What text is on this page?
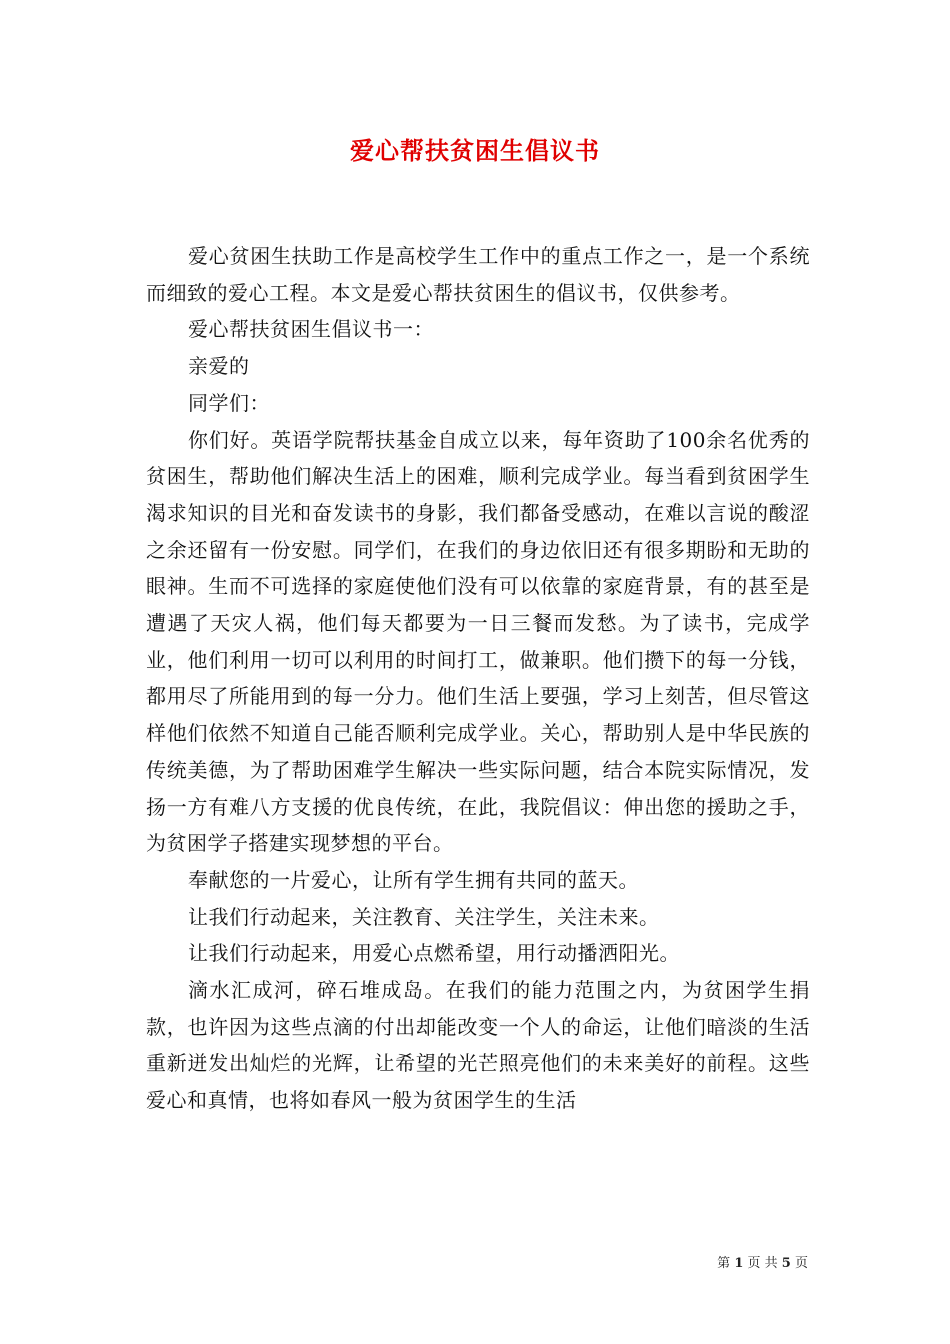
爱心帮扶贫困生倡议书

爱心贫困生扶助工作是高校学生工作中的重点工作之一，是一个系统而细致的爱心工程。本文是爱心帮扶贫困生的倡议书，仅供参考。

爱心帮扶贫困生倡议书一：

亲爱的

同学们：

你们好。英语学院帮扶基金自成立以来，每年资助了100余名优秀的贫困生，帮助他们解决生活上的困难，顺利完成学业。每当看到贫困学生渴求知识的目光和奋发读书的身影，我们都备受感动，在难以言说的酸涩之余还留有一份安慰。同学们，在我们的身边依旧还有很多期盼和无助的眼神。生而不可选择的家庭使他们没有可以依靠的家庭背景，有的甚至是遭遇了天灾人祸，他们每天都要为一日三餐而发愁。为了读书，完成学业，他们利用一切可以利用的时间打工，做兼职。他们攒下的每一分钱，都用尽了所能用到的每一分力。他们生活上要强，学习上刻苦，但尽管这样他们依然不知道自己能否顺利完成学业。关心，帮助别人是中华民族的传统美德，为了帮助困难学生解决一些实际问题，结合本院实际情况，发扬一方有难八方支援的优良传统，在此，我院倡议：伸出您的援助之手，为贫困学子搭建实现梦想的平台。

奉献您的一片爱心，让所有学生拥有共同的蓝天。

让我们行动起来，关注教育、关注学生，关注未来。

让我们行动起来，用爱心点燃希望，用行动播洒阳光。

滴水汇成河，碎石堆成岛。在我们的能力范围之内，为贫困学生捐款，也许因为这些点滴的付出却能改变一个人的命运，让他们暗淡的生活重新迸发出灿烂的光辉，让希望的光芒照亮他们的未来美好的前程。这些爱心和真情，也将如春风一般为贫困学生的生活

第 1 页 共 5 页
